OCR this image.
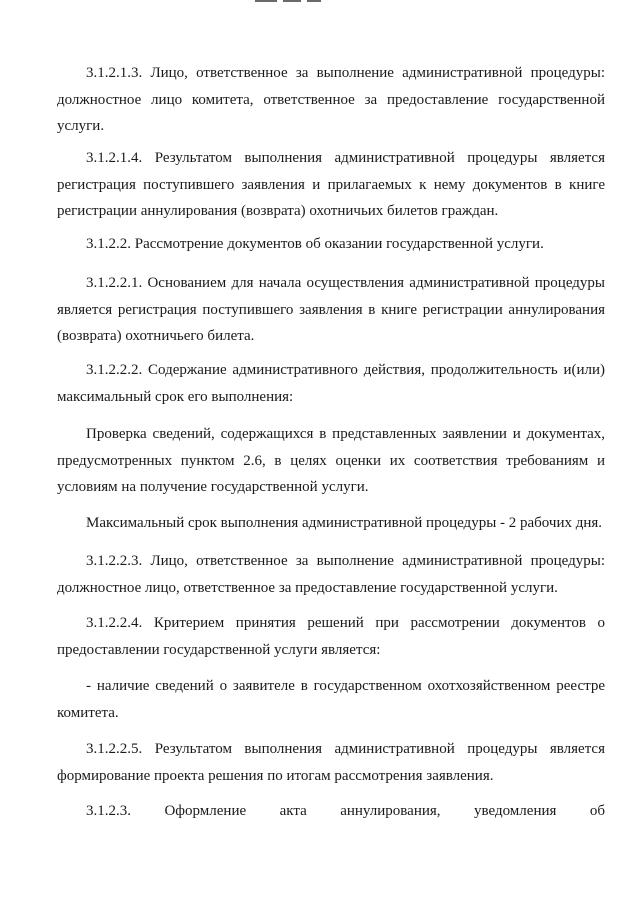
3.1.2.1.3. Лицо, ответственное за выполнение административной процедуры: должностное лицо комитета, ответственное за предоставление государственной услуги.

3.1.2.1.4. Результатом выполнения административной процедуры является регистрация поступившего заявления и прилагаемых к нему документов в книге регистрации аннулирования (возврата) охотничьих билетов граждан.

3.1.2.2. Рассмотрение документов об оказании государственной услуги.

3.1.2.2.1. Основанием для начала осуществления административной процедуры является регистрация поступившего заявления в книге регистрации аннулирования (возврата) охотничьего билета.

3.1.2.2.2. Содержание административного действия, продолжительность и(или) максимальный срок его выполнения:

Проверка сведений, содержащихся в представленных заявлении и документах, предусмотренных пунктом 2.6, в целях оценки их соответствия требованиям и условиям на получение государственной услуги.

Максимальный срок выполнения административной процедуры - 2 рабочих дня.

3.1.2.2.3. Лицо, ответственное за выполнение административной процедуры: должностное лицо, ответственное за предоставление государственной услуги.

3.1.2.2.4. Критерием принятия решений при рассмотрении документов о предоставлении государственной услуги является:

- наличие сведений о заявителе в государственном охотхозяйственном реестре комитета.

3.1.2.2.5. Результатом выполнения административной процедуры является формирование проекта решения по итогам рассмотрения заявления.

3.1.2.3. Оформление акта аннулирования, уведомления об
